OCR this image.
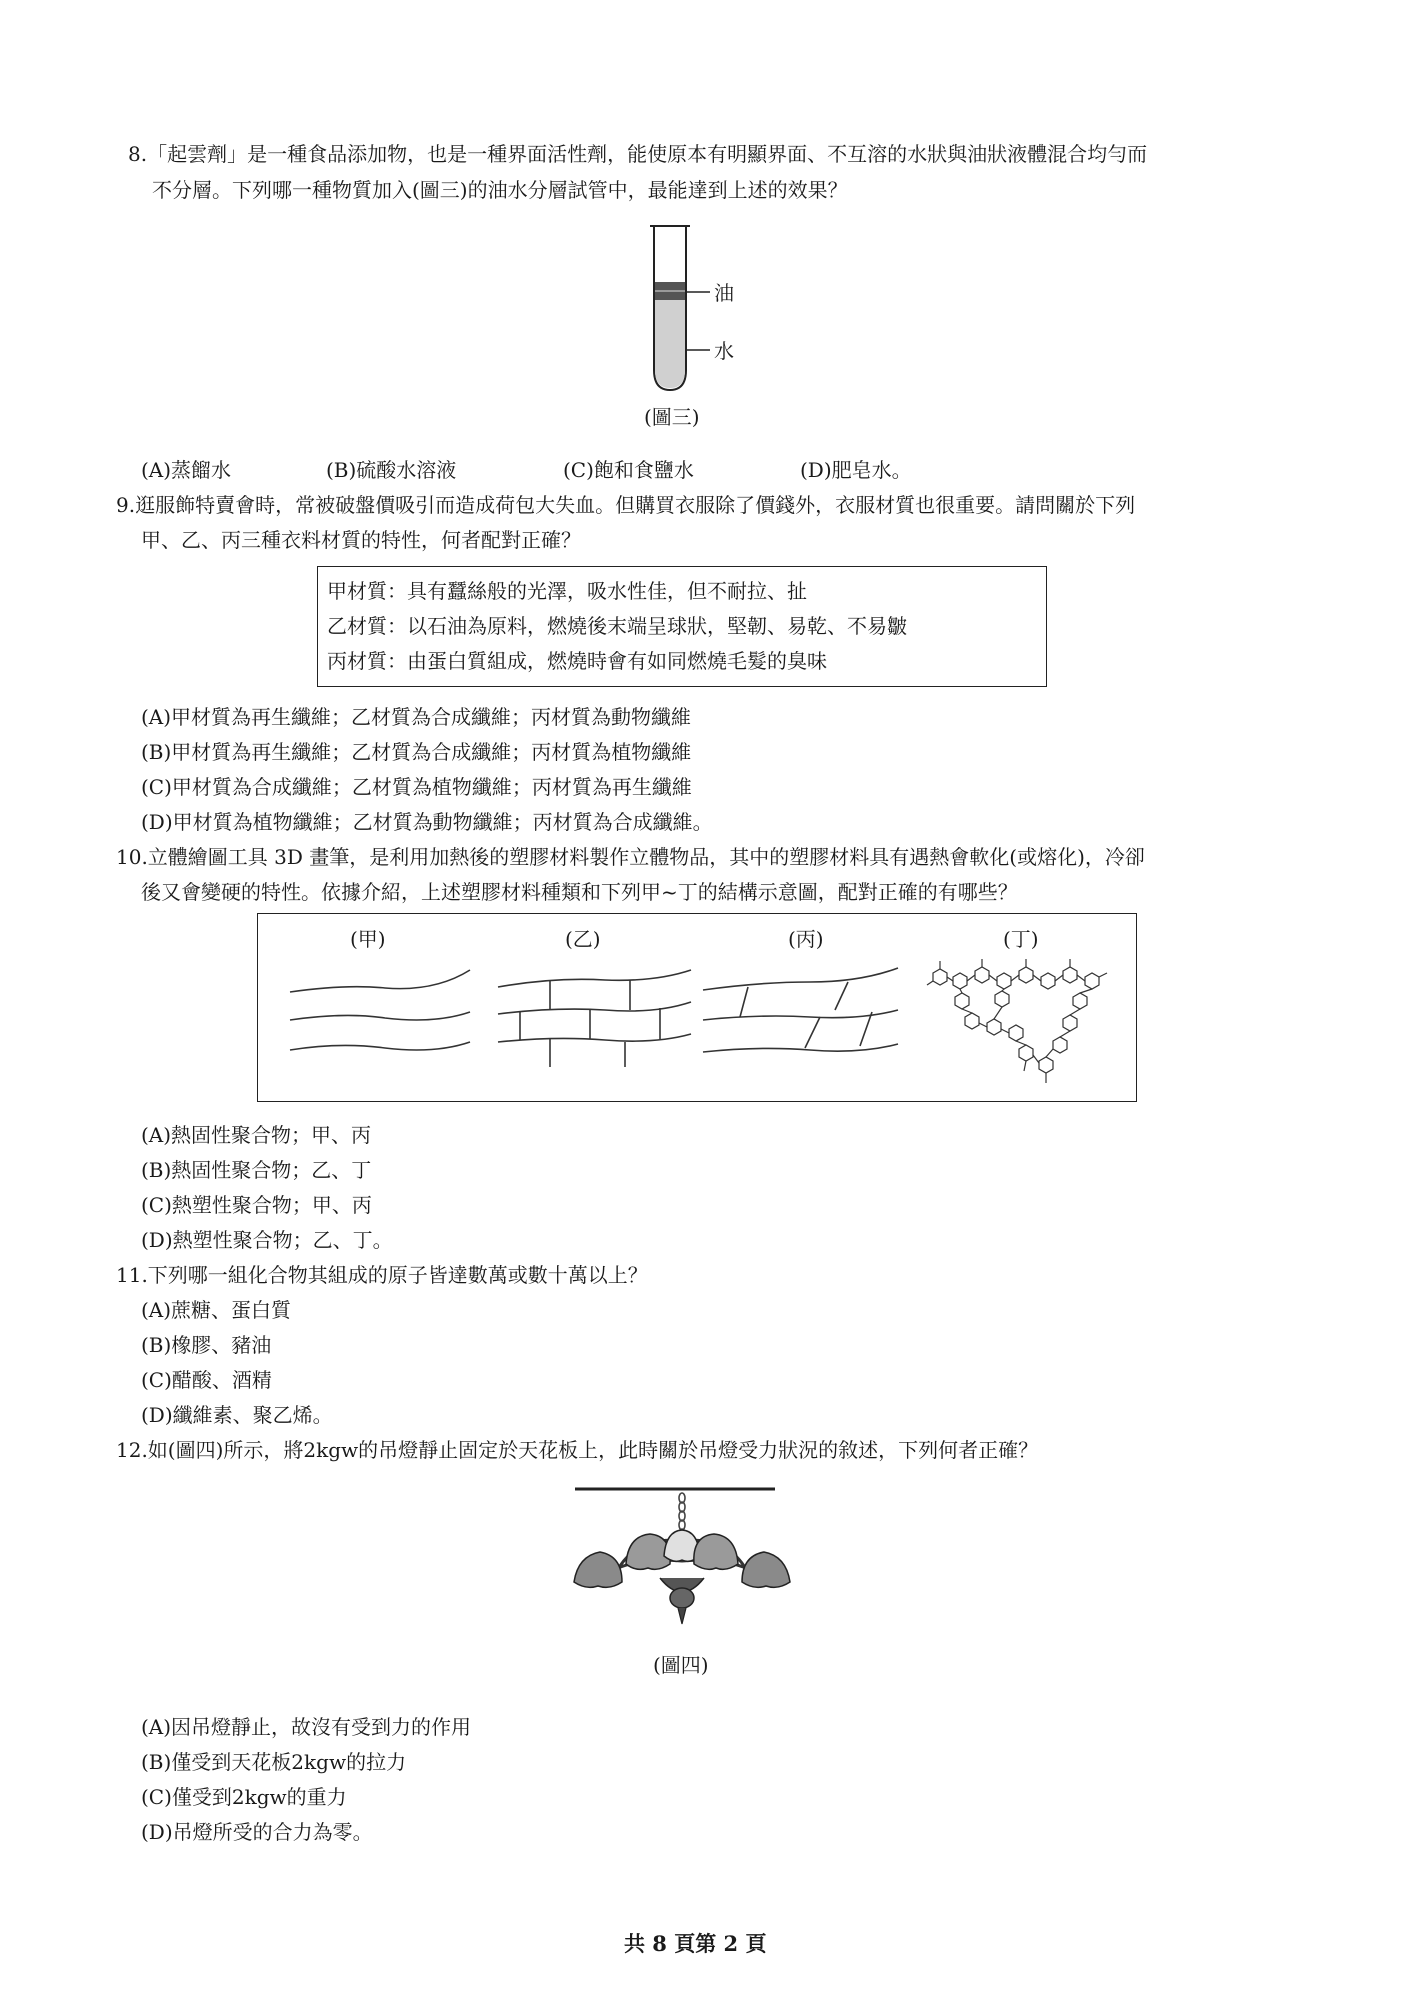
8.「起雲劑」是一種食品添加物，也是一種界面活性劑，能使原本有明顯界面、不互溶的水狀與油狀液體混合均勻而
不分層。下列哪一種物質加入(圖三)的油水分層試管中，最能達到上述的效果？
油
水
(圖三)
(A)蒸餾水	(B)硫酸水溶液	(C)飽和食鹽水	(D)肥皂水。
9.逛服飾特賣會時，常被破盤價吸引而造成荷包大失血。但購買衣服除了價錢外，衣服材質也很重要。請問關於下列
甲、乙、丙三種衣料材質的特性，何者配對正確？
甲材質：具有蠶絲般的光澤，吸水性佳，但不耐拉、扯
乙材質：以石油為原料，燃燒後末端呈球狀，堅韌、易乾、不易皺
丙材質：由蛋白質組成，燃燒時會有如同燃燒毛髮的臭味
(A)甲材質為再生纖維；乙材質為合成纖維；丙材質為動物纖維
(B)甲材質為再生纖維；乙材質為合成纖維；丙材質為植物纖維
(C)甲材質為合成纖維；乙材質為植物纖維；丙材質為再生纖維
(D)甲材質為植物纖維；乙材質為動物纖維；丙材質為合成纖維。
10.立體繪圖工具 3D 畫筆，是利用加熱後的塑膠材料製作立體物品，其中的塑膠材料具有遇熱會軟化(或熔化)，冷卻
後又會變硬的特性。依據介紹，上述塑膠材料種類和下列甲~丁的結構示意圖，配對正確的有哪些？
(甲)	(乙)	(丙)	(丁)
(A)熱固性聚合物；甲、丙
(B)熱固性聚合物；乙、丁
(C)熱塑性聚合物；甲、丙
(D)熱塑性聚合物；乙、丁。
11.下列哪一組化合物其組成的原子皆達數萬或數十萬以上？
(A)蔗糖、蛋白質
(B)橡膠、豬油
(C)醋酸、酒精
(D)纖維素、聚乙烯。
12.如(圖四)所示，將2kgw的吊燈靜止固定於天花板上，此時關於吊燈受力狀況的敘述，下列何者正確？
(圖四)
(A)因吊燈靜止，故沒有受到力的作用
(B)僅受到天花板2kgw的拉力
(C)僅受到2kgw的重力
(D)吊燈所受的合力為零。
共 8 頁第 2 頁
